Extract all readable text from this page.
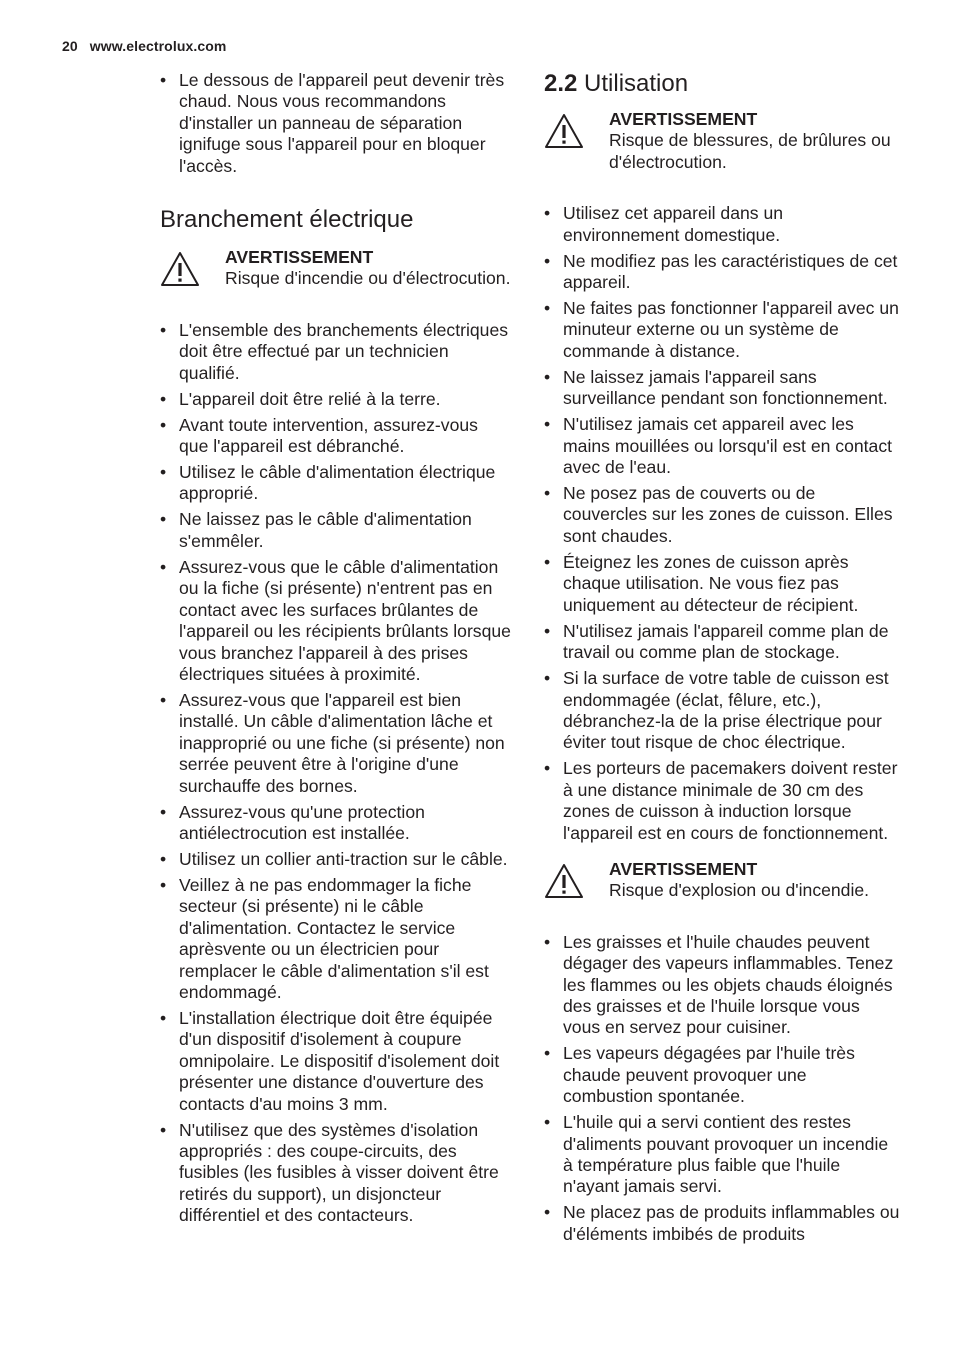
20 www.electrolux.com
• Le dessous de l'appareil peut devenir très chaud. Nous vous recommandons d'installer un panneau de séparation ignifuge sous l'appareil pour en bloquer l'accès.
Branchement électrique
AVERTISSEMENT
Risque d'incendie ou d'électrocution.
• L'ensemble des branchements électriques doit être effectué par un technicien qualifié.
• L'appareil doit être relié à la terre.
• Avant toute intervention, assurez-vous que l'appareil est débranché.
• Utilisez le câble d'alimentation électrique approprié.
• Ne laissez pas le câble d'alimentation s'emmêler.
• Assurez-vous que le câble d'alimentation ou la fiche (si présente) n'entrent pas en contact avec les surfaces brûlantes de l'appareil ou les récipients brûlants lorsque vous branchez l'appareil à des prises électriques situées à proximité.
• Assurez-vous que l'appareil est bien installé. Un câble d'alimentation lâche et inapproprié ou une fiche (si présente) non serrée peuvent être à l'origine d'une surchauffe des bornes.
• Assurez-vous qu'une protection antiélectrocution est installée.
• Utilisez un collier anti-traction sur le câble.
• Veillez à ne pas endommager la fiche secteur (si présente) ni le câble d'alimentation. Contactez le service aprèsvente ou un électricien pour remplacer le câble d'alimentation s'il est endommagé.
• L'installation électrique doit être équipée d'un dispositif d'isolement à coupure omnipolaire. Le dispositif d'isolement doit présenter une distance d'ouverture des contacts d'au moins 3 mm.
• N'utilisez que des systèmes d'isolation appropriés : des coupe-circuits, des fusibles (les fusibles à visser doivent être retirés du support), un disjoncteur différentiel et des contacteurs.
2.2 Utilisation
AVERTISSEMENT
Risque de blessures, de brûlures ou d'électrocution.
• Utilisez cet appareil dans un environnement domestique.
• Ne modifiez pas les caractéristiques de cet appareil.
• Ne faites pas fonctionner l'appareil avec un minuteur externe ou un système de commande à distance.
• Ne laissez jamais l'appareil sans surveillance pendant son fonctionnement.
• N'utilisez jamais cet appareil avec les mains mouillées ou lorsqu'il est en contact avec de l'eau.
• Ne posez pas de couverts ou de couvercles sur les zones de cuisson. Elles sont chaudes.
• Éteignez les zones de cuisson après chaque utilisation. Ne vous fiez pas uniquement au détecteur de récipient.
• N'utilisez jamais l'appareil comme plan de travail ou comme plan de stockage.
• Si la surface de votre table de cuisson est endommagée (éclat, fêlure, etc.), débranchez-la de la prise électrique pour éviter tout risque de choc électrique.
• Les porteurs de pacemakers doivent rester à une distance minimale de 30 cm des zones de cuisson à induction lorsque l'appareil est en cours de fonctionnement.
AVERTISSEMENT
Risque d'explosion ou d'incendie.
• Les graisses et l'huile chaudes peuvent dégager des vapeurs inflammables. Tenez les flammes ou les objets chauds éloignés des graisses et de l'huile lorsque vous vous en servez pour cuisiner.
• Les vapeurs dégagées par l'huile très chaude peuvent provoquer une combustion spontanée.
• L'huile qui a servi contient des restes d'aliments pouvant provoquer un incendie à température plus faible que l'huile n'ayant jamais servi.
• Ne placez pas de produits inflammables ou d'éléments imbibés de produits
